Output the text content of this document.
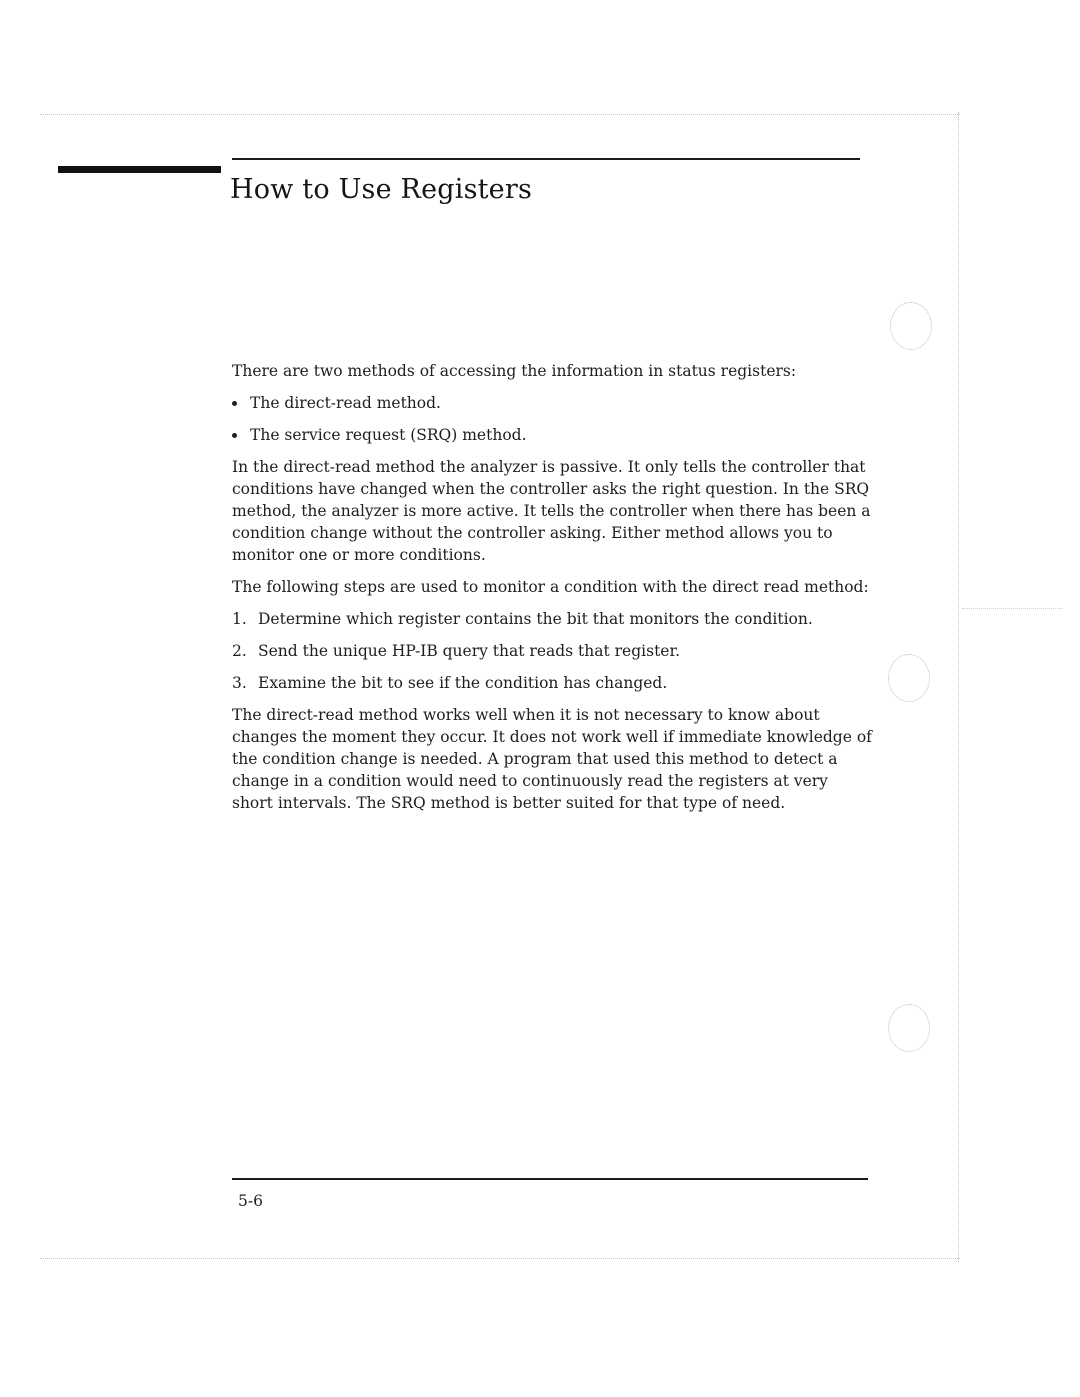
How to Use Registers

There are two methods of accessing the information in status registers:

The direct-read method.
The service request (SRQ) method.

In the direct-read method the analyzer is passive. It only tells the controller that conditions have changed when the controller asks the right question. In the SRQ method, the analyzer is more active. It tells the controller when there has been a condition change without the controller asking. Either method allows you to monitor one or more conditions.

The following steps are used to monitor a condition with the direct read method:

1. Determine which register contains the bit that monitors the condition.
2. Send the unique HP-IB query that reads that register.
3. Examine the bit to see if the condition has changed.

The direct-read method works well when it is not necessary to know about changes the moment they occur. It does not work well if immediate knowledge of the condition change is needed. A program that used this method to detect a change in a condition would need to continuously read the registers at very short intervals. The SRQ method is better suited for that type of need.

5-6
